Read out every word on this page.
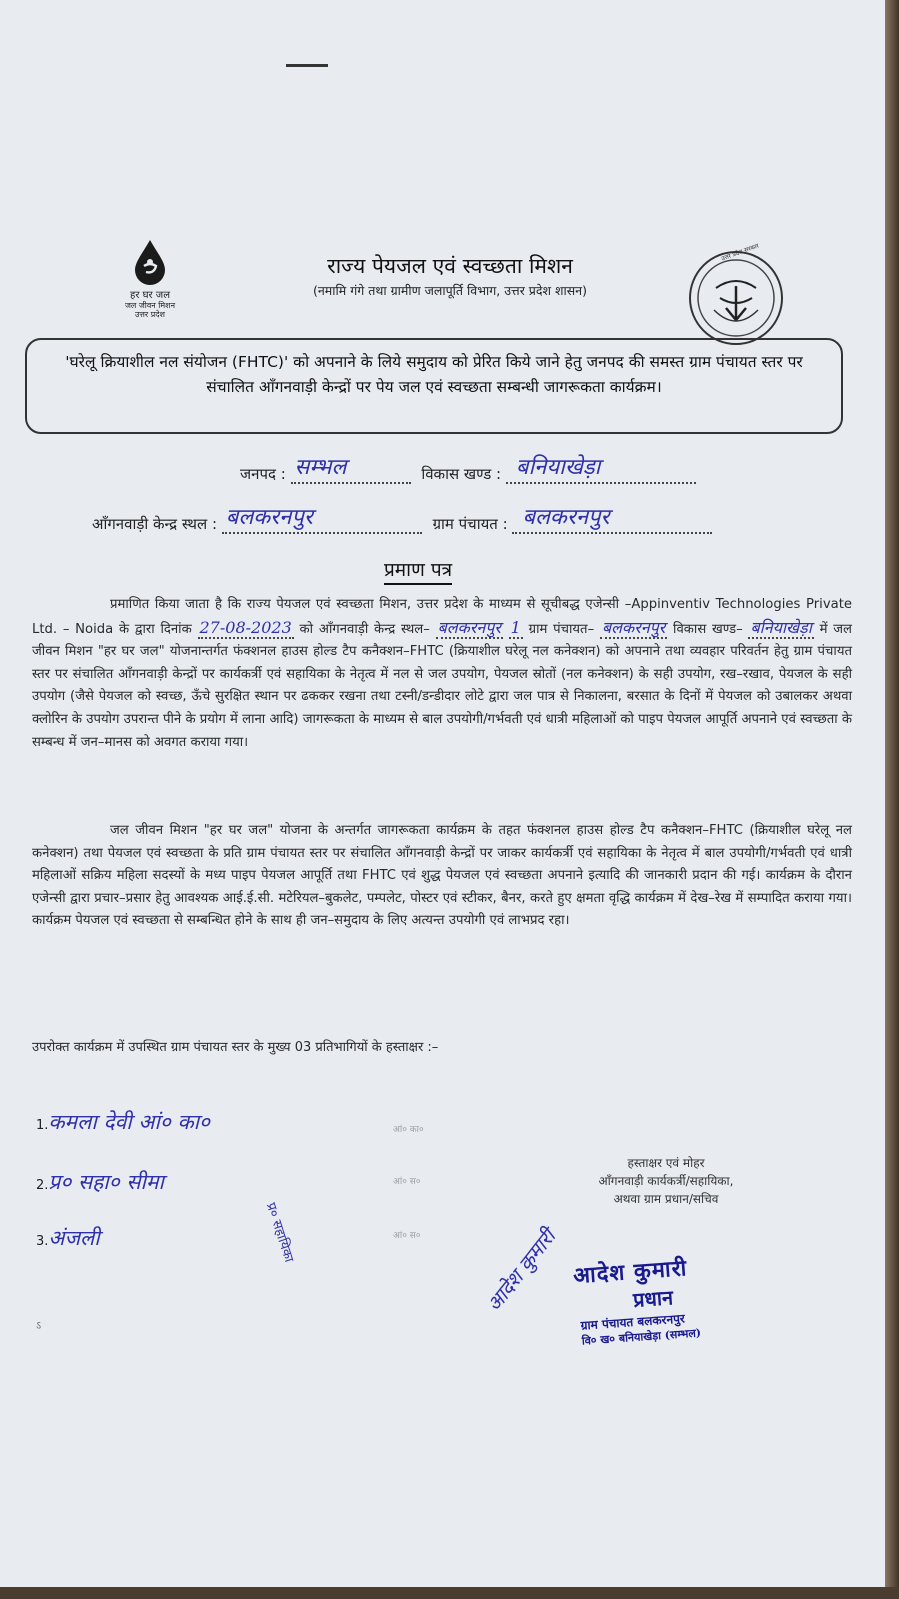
हर घर जल
जल जीवन मिशन
उत्तर प्रदेश
उत्तर प्रदेश सरकार
राज्य पेयजल एवं स्वच्छता मिशन
(नमामि गंगे तथा ग्रामीण जलापूर्ति विभाग, उत्तर प्रदेश शासन)
'घरेलू क्रियाशील नल संयोजन (FHTC)' को अपनाने के लिये समुदाय को प्रेरित किये जाने हेतु जनपद की समस्त ग्राम पंचायत स्तर पर संचालित आँगनवाड़ी केन्द्रों पर पेय जल एवं स्वच्छता सम्बन्धी जागरूकता कार्यक्रम।
जनपद : सम्भल	विकास खण्ड : बनियाखेड़ा
आँगनवाड़ी केन्द्र स्थल : बलकरनपुर	ग्राम पंचायत : बलकरनपुर
प्रमाण पत्र
प्रमाणित किया जाता है कि राज्य पेयजल एवं स्वच्छता मिशन, उत्तर प्रदेश के माध्यम से सूचीबद्ध एजेन्सी –Appinventiv Technologies Private Ltd. – Noida के द्वारा दिनांक 27-08-2023 को आँगनवाड़ी केन्द्र स्थल– बलकरनपुर 1 ग्राम पंचायत– बलकरनपुर विकास खण्ड– बनियाखेड़ा में जल जीवन मिशन "हर घर जल" योजनान्तर्गत फंक्शनल हाउस होल्ड टैप कनैक्शन–FHTC (क्रियाशील घरेलू नल कनेक्शन) को अपनाने तथा व्यवहार परिवर्तन हेतु ग्राम पंचायत स्तर पर संचालित आँगनवाड़ी केन्द्रों पर कार्यकर्त्री एवं सहायिका के नेतृत्व में नल से जल उपयोग, पेयजल स्रोतों (नल कनेक्शन) के सही उपयोग, रख–रखाव, पेयजल के सही उपयोग (जैसे पेयजल को स्वच्छ, ऊँचे सुरक्षित स्थान पर ढककर रखना तथा टस्नी/डन्डीदार लोटे द्वारा जल पात्र से निकालना, बरसात के दिनों में पेयजल को उबालकर अथवा क्लोरिन के उपयोग उपरान्त पीने के प्रयोग में लाना आदि) जागरूकता के माध्यम से बाल उपयोगी/गर्भवती एवं धात्री महिलाओं को पाइप पेयजल आपूर्ति अपनाने एवं स्वच्छता के सम्बन्ध में जन–मानस को अवगत कराया गया।
जल जीवन मिशन "हर घर जल" योजना के अन्तर्गत जागरूकता कार्यक्रम के तहत फंक्शनल हाउस होल्ड टैप कनैक्शन–FHTC (क्रियाशील घरेलू नल कनेक्शन) तथा पेयजल एवं स्वच्छता के प्रति ग्राम पंचायत स्तर पर संचालित आँगनवाड़ी केन्द्रों पर जाकर कार्यकर्त्री एवं सहायिका के नेतृत्व में बाल उपयोगी/गर्भवती एवं धात्री महिलाओं सक्रिय महिला सदस्यों के मध्य पाइप पेयजल आपूर्ति तथा FHTC एवं शुद्ध पेयजल एवं स्वच्छता अपनाने इत्यादि की जानकारी प्रदान की गई। कार्यक्रम के दौरान एजेन्सी द्वारा प्रचार–प्रसार हेतु आवश्यक आई.ई.सी. मटेरियल–बुकलेट, पम्पलेट, पोस्टर एवं स्टीकर, बैनर, करते हुए क्षमता वृद्धि कार्यक्रम में देख–रेख में सम्पादित कराया गया। कार्यक्रम पेयजल एवं स्वच्छता से सम्बन्धित होने के साथ ही जन–समुदाय के लिए अत्यन्त उपयोगी एवं लाभप्रद रहा।
उपरोक्त कार्यक्रम में उपस्थित ग्राम पंचायत स्तर के मुख्य 03 प्रतिभागियों के हस्ताक्षर :–
1.कमला देवी आं० का०	आं० का०
2.प्र० सहा० सीमा	आं० स०
3.अंजली	आं० स०
प्र० सहायिका
हस्ताक्षर एवं मोहर
आँगनवाड़ी कार्यकर्त्री/सहायिका,
अथवा ग्राम प्रधान/सचिव
आदेश कुमारी
प्रधान
ग्राम पंचायत बलकरनपुर
वि० ख० बनियाखेड़ा (सम्भल)
आदेश कुमारी
ऽ
